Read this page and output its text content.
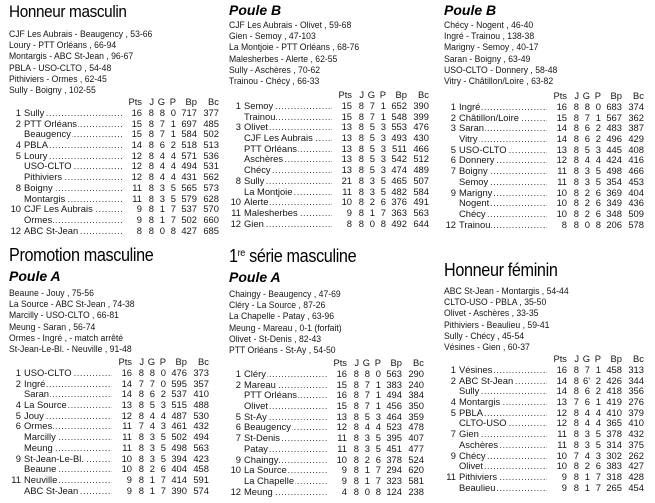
Honneur masculin
CJF Les Aubrais - Beaugency , 53-66
Loury - PTT Orléans , 66-94
Montargis - ABC St-Jean , 96-67
PBLA - USO-CLTO , 54-48
Pithiviers - Ormes , 62-45
Sully - Boigny , 102-55
		Pts	J	G	P	Bp	Bc
1	Sully .....	16	8	8	0	717	377
2	PTT Orléans .....	15	8	7	1	697	485
	Beaugency .....	15	8	7	1	584	502
4	PBLA .....	14	8	6	2	518	513
5	Loury .....	12	8	4	4	571	536
	USO-CLTO .....	12	8	4	4	494	531
	Pithiviers .....	12	8	4	4	431	562
8	Boigny .....	11	8	3	5	565	573
	Montargis .....	11	8	3	5	579	628
10	CJF Les Aubrais .....	9	8	1	7	537	570
	Ormes .....	9	8	1	7	502	660
12	ABC St-Jean .....	8	8	0	8	427	685
Promotion masculine
Poule A
Beaune - Jouy , 75-56
La Source - ABC St-Jean , 74-38
Marcilly - USO-CLTO , 66-81
Meung - Saran , 56-74
Ormes - Ingré , - match arrêté
St-Jean-Le-Bl. - Neuville , 91-48
		Pts	J	G	P	Bp	Bc
1	USO-CLTO .....	16	8	8	0	476	373
2	Ingré .....	14	7	7	0	595	357
	Saran .....	14	8	6	2	537	410
4	La Source .....	13	8	5	3	515	488
5	Jouy .....	12	8	4	4	487	530
6	Ormes .....	11	7	4	3	461	432
	Marcilly .....	11	8	3	5	502	494
	Meung .....	11	8	3	5	498	563
9	St-Jean-Le-Bl. .....	10	8	3	5	394	423
	Beaune .....	10	8	2	6	404	458
11	Neuville .....	9	8	1	7	414	591
	ABC St-Jean .....	9	8	1	7	390	574
Poule B
CJF Les Aubrais - Olivet , 59-68
Gien - Semoy , 47-103
La Montjoie - PTT Orléans , 68-76
Malesherbes - Alerte , 62-55
Sully - Aschères , 70-62
Trainou - Chécy , 66-33
		Pts	J	G	P	Bp	Bc
1	Semoy .....	15	8	7	1	652	390
	Trainou .....	15	8	7	1	548	399
3	Olivet .....	13	8	5	3	553	476
	CJF Les Aubrais .....	13	8	5	3	493	430
	PTT Orléans .....	13	8	5	3	511	466
	Aschères .....	13	8	5	3	542	512
	Chécy .....	13	8	5	3	474	489
8	Sully .....	21	8	3	5	465	507
	La Montjoie .....	11	8	3	5	482	584
10	Alerte .....	10	8	2	6	376	491
11	Malesherbes .....	9	8	1	7	363	563
12	Gien .....	8	8	0	8	492	644
1re série masculine
Poule A
Chaingy - Beaugency , 47-69
Cléry - La Source , 87-26
La Chapelle - Patay , 63-96
Meung - Mareau , 0-1 (forfait)
Olivet - St-Denis , 82-43
PTT Orléans - St-Ay , 54-50
		Pts	J	G	P	Bp	Bc
1	Cléry .....	16	8	8	0	563	290
2	Mareau .....	15	8	7	1	383	240
	PTT Orléans .....	16	8	7	1	494	384
	Olivet .....	15	8	7	1	456	350
5	St-Ay .....	13	8	5	3	464	359
6	Beaugency .....	12	8	4	4	523	478
7	St-Denis .....	11	8	3	5	395	407
	Patay .....	11	8	3	5	451	477
9	Chaingy .....	10	8	2	6	378	524
10	La Source .....	9	8	1	7	294	620
	La Chapelle .....	9	8	1	7	323	581
12	Meung .....	4	8	0	8	124	238
Poule B
Chécy - Nogent , 46-40
Ingré - Trainou , 138-38
Marigny - Semoy , 40-17
Saran - Boigny , 63-49
USO-CLTO - Donnery , 58-48
Vitry - Châtillon/Loire , 63-82
		Pts	J	G	P	Bp	Bc
1	Ingré .....	16	8	8	0	683	374
2	Châtillon/Loire .....	15	8	7	1	567	362
3	Saran .....	14	8	6	2	483	387
	Vitry .....	14	8	6	2	496	429
5	USO-CLTO .....	13	8	5	3	445	408
6	Donnery .....	12	8	4	4	424	416
7	Boigny .....	11	8	3	5	498	466
	Semoy .....	11	8	3	5	354	453
9	Marigny .....	10	8	2	6	369	404
	Nogent .....	10	8	2	6	349	436
	Chécy .....	10	8	2	6	348	509
12	Trainou .....	8	8	0	8	206	578
Honneur féminin
ABC St-Jean - Montargis , 54-44
CLTO-USO - PBLA , 35-50
Olivet - Aschères , 33-35
Pithiviers - Beaulieu , 59-41
Sully - Chécy , 45-54
Vésines - Gien , 60-37
		Pts	J	G	P	Bp	Bc
1	Vésines .....	16	8	7	1	458	313
2	ABC St-Jean .....	14	8	6'	2	426	344
	Sully .....	14	8	6	2	418	356
4	Montargis .....	13	7	6	1	419	276
5	PBLA .....	12	8	4	4	410	379
	CLTO-USO .....	12	8	4	4	365	410
7	Gien .....	11	8	3	5	378	432
	Aschères .....	11	8	3	5	314	375
9	Chécy .....	10	7	4	3	302	262
	Olivet .....	10	8	2	6	383	427
11	Pithiviers .....	9	8	1	7	318	428
	Beaulieu .....	9	8	1	7	265	454
